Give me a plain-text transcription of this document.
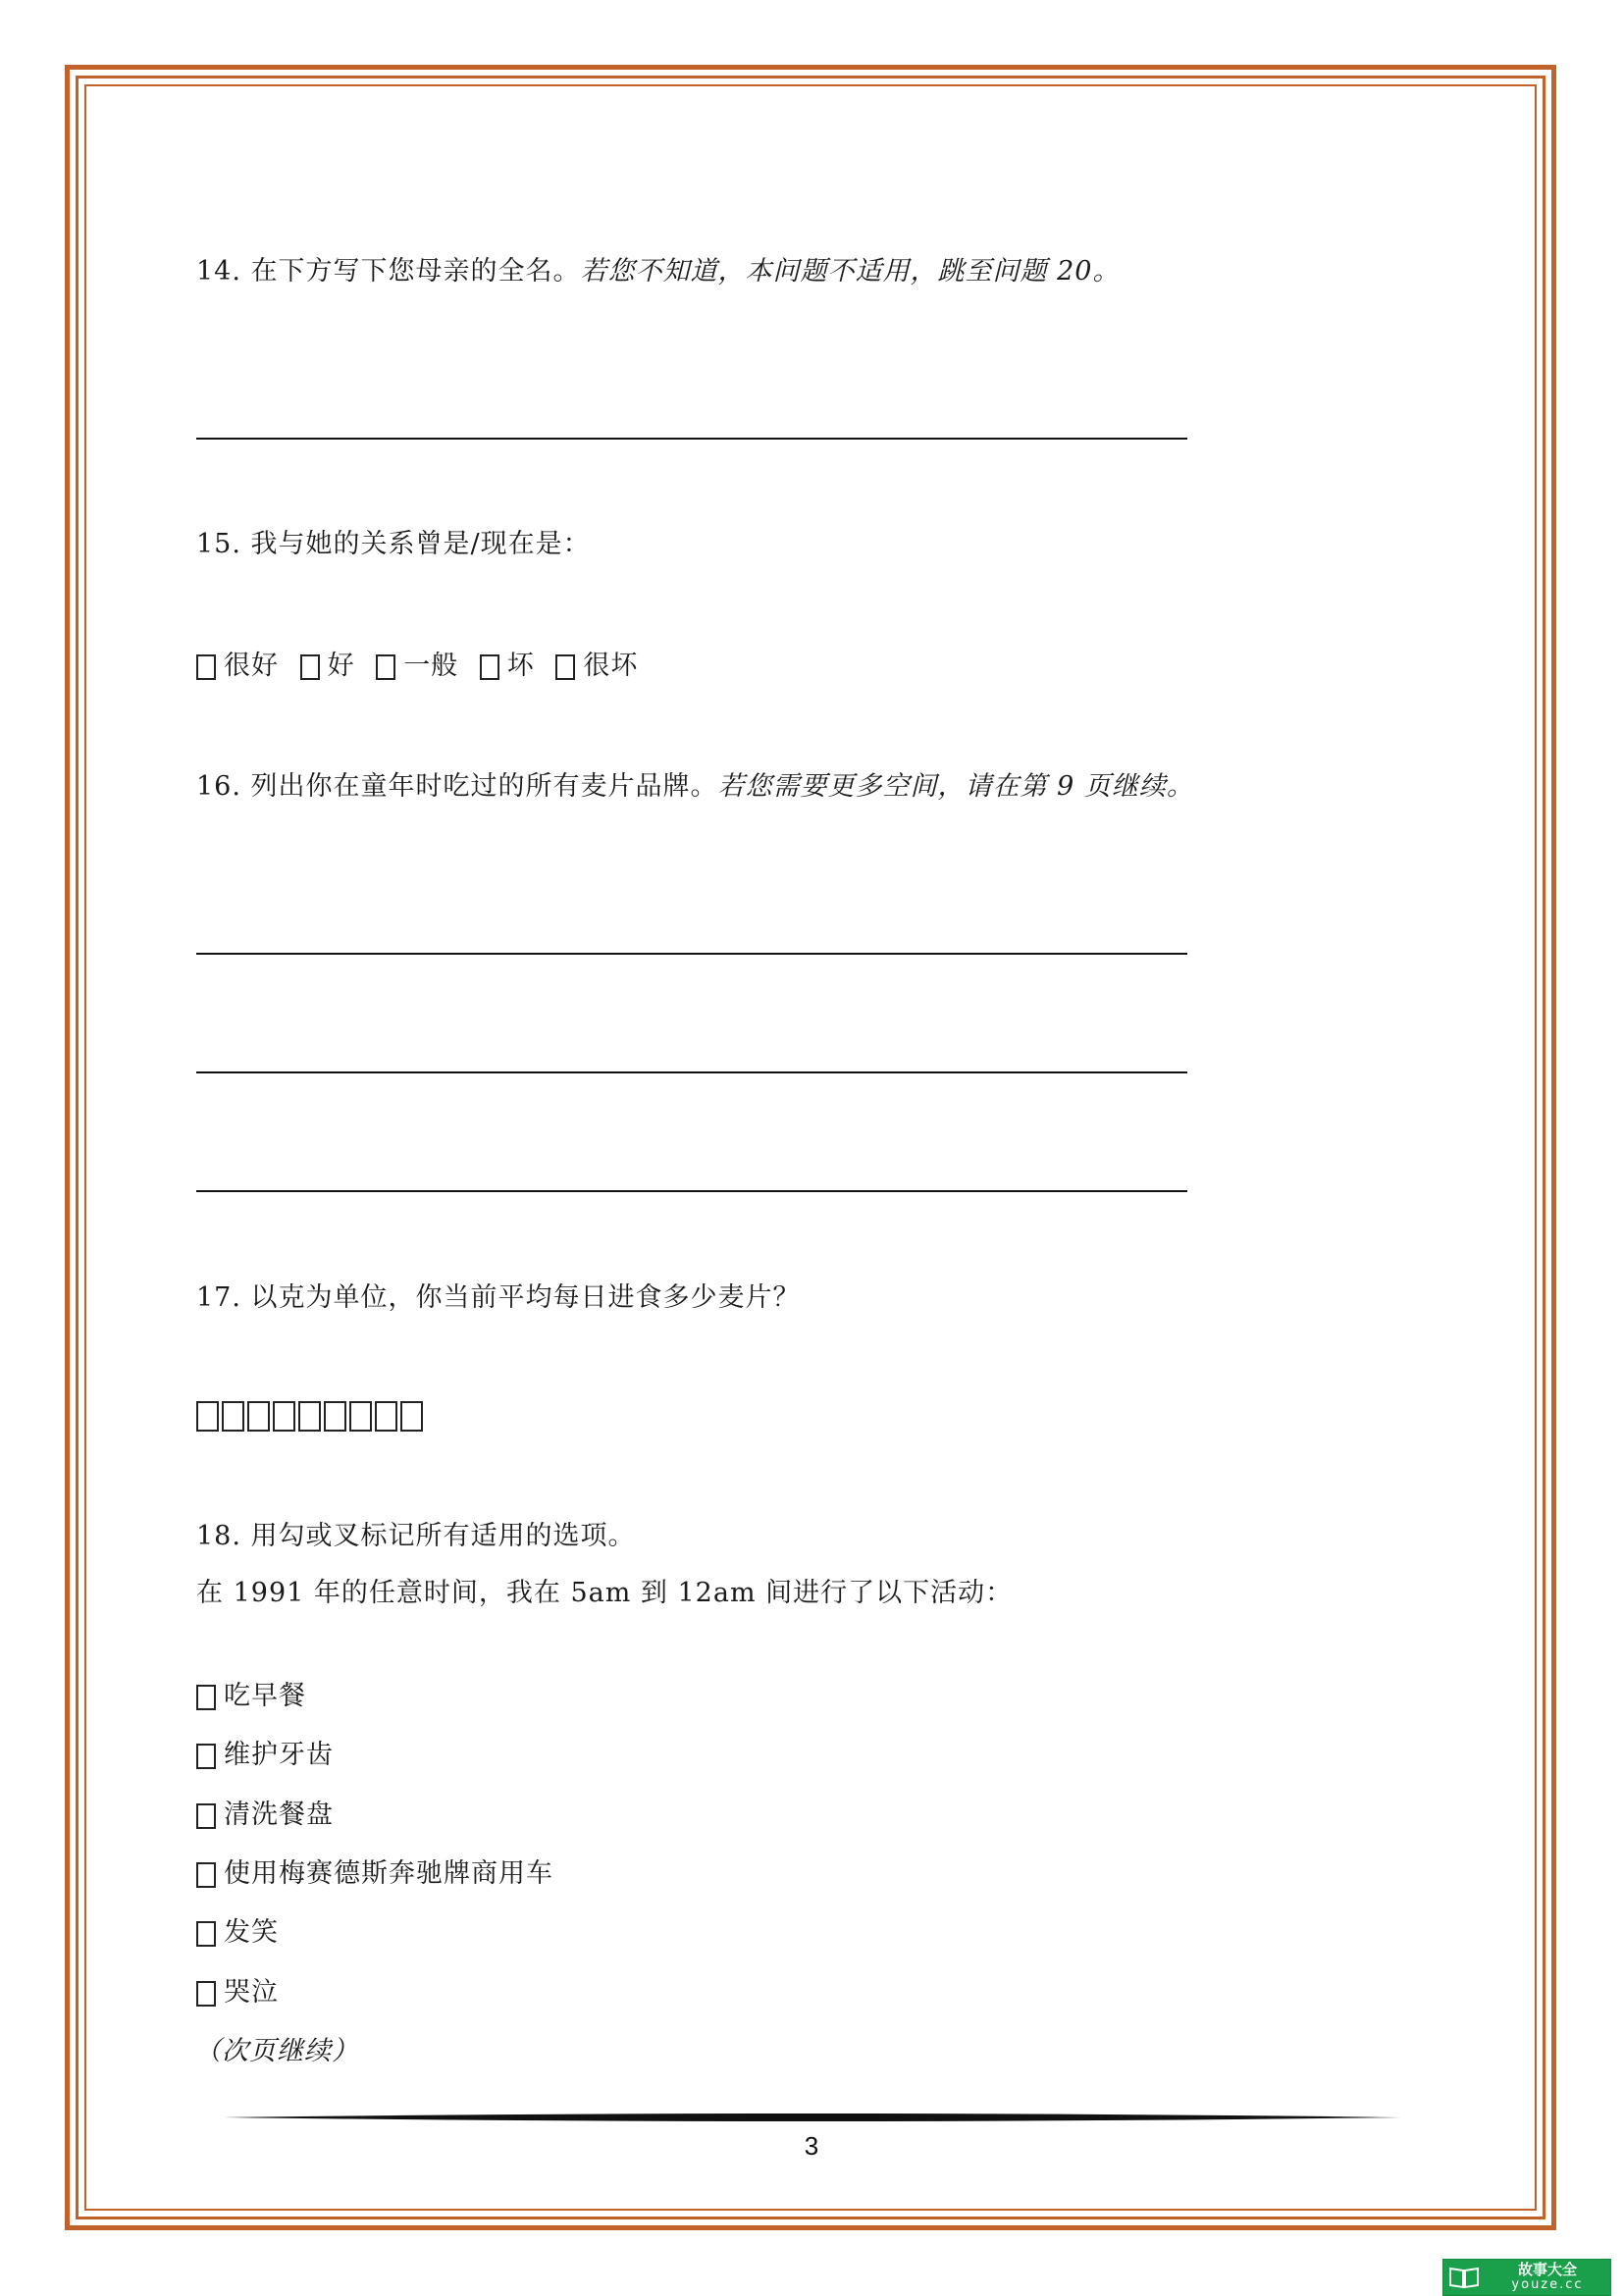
14. 在下方写下您母亲的全名。若您不知道，本问题不适用，跳至问题 20。
15. 我与她的关系曾是/现在是：
很好 好 一般 坏 很坏
16. 列出你在童年时吃过的所有麦片品牌。若您需要更多空间，请在第 9 页继续。
17. 以克为单位，你当前平均每日进食多少麦片？
18. 用勾或叉标记所有适用的选项。
在 1991 年的任意时间，我在 5am 到 12am 间进行了以下活动：
吃早餐
维护牙齿
清洗餐盘
使用梅赛德斯奔驰牌商用车
发笑
哭泣
（次页继续）
3
故事大全
youze.cc
